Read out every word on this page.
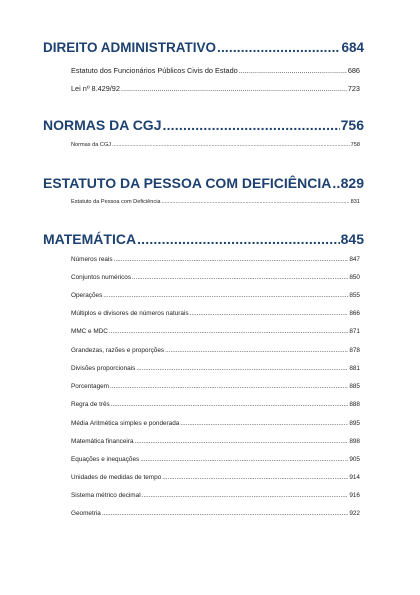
DIREITO ADMINISTRATIVO .....	684
Estatuto dos Funcionários Públicos Civis do Estado .....	686
Lei nº 8.429/92 .....	723
NORMAS DA CGJ .....	756
Normas da CGJ .....	758
ESTATUTO DA PESSOA COM DEFICIÊNCIA ..... 829
Estatuto da Pessoa com Deficiência .....	831
MATEMÁTICA .....	845
Números reais .....	847
Conjuntos numéricos .....	850
Operações .....	855
Múltiplos e divisores de números naturais .....	866
MMC e MDC .....	871
Grandezas, razões e proporções .....	878
Divisões proporcionais .....	881
Porcentagem .....	885
Regra de três .....	888
Média Aritmética simples e ponderada .....	895
Matemática financeira .....	898
Equações e inequações .....	905
Unidades de medidas de tempo .....	914
Sistema métrico decimal .....	916
Geometria .....	922
